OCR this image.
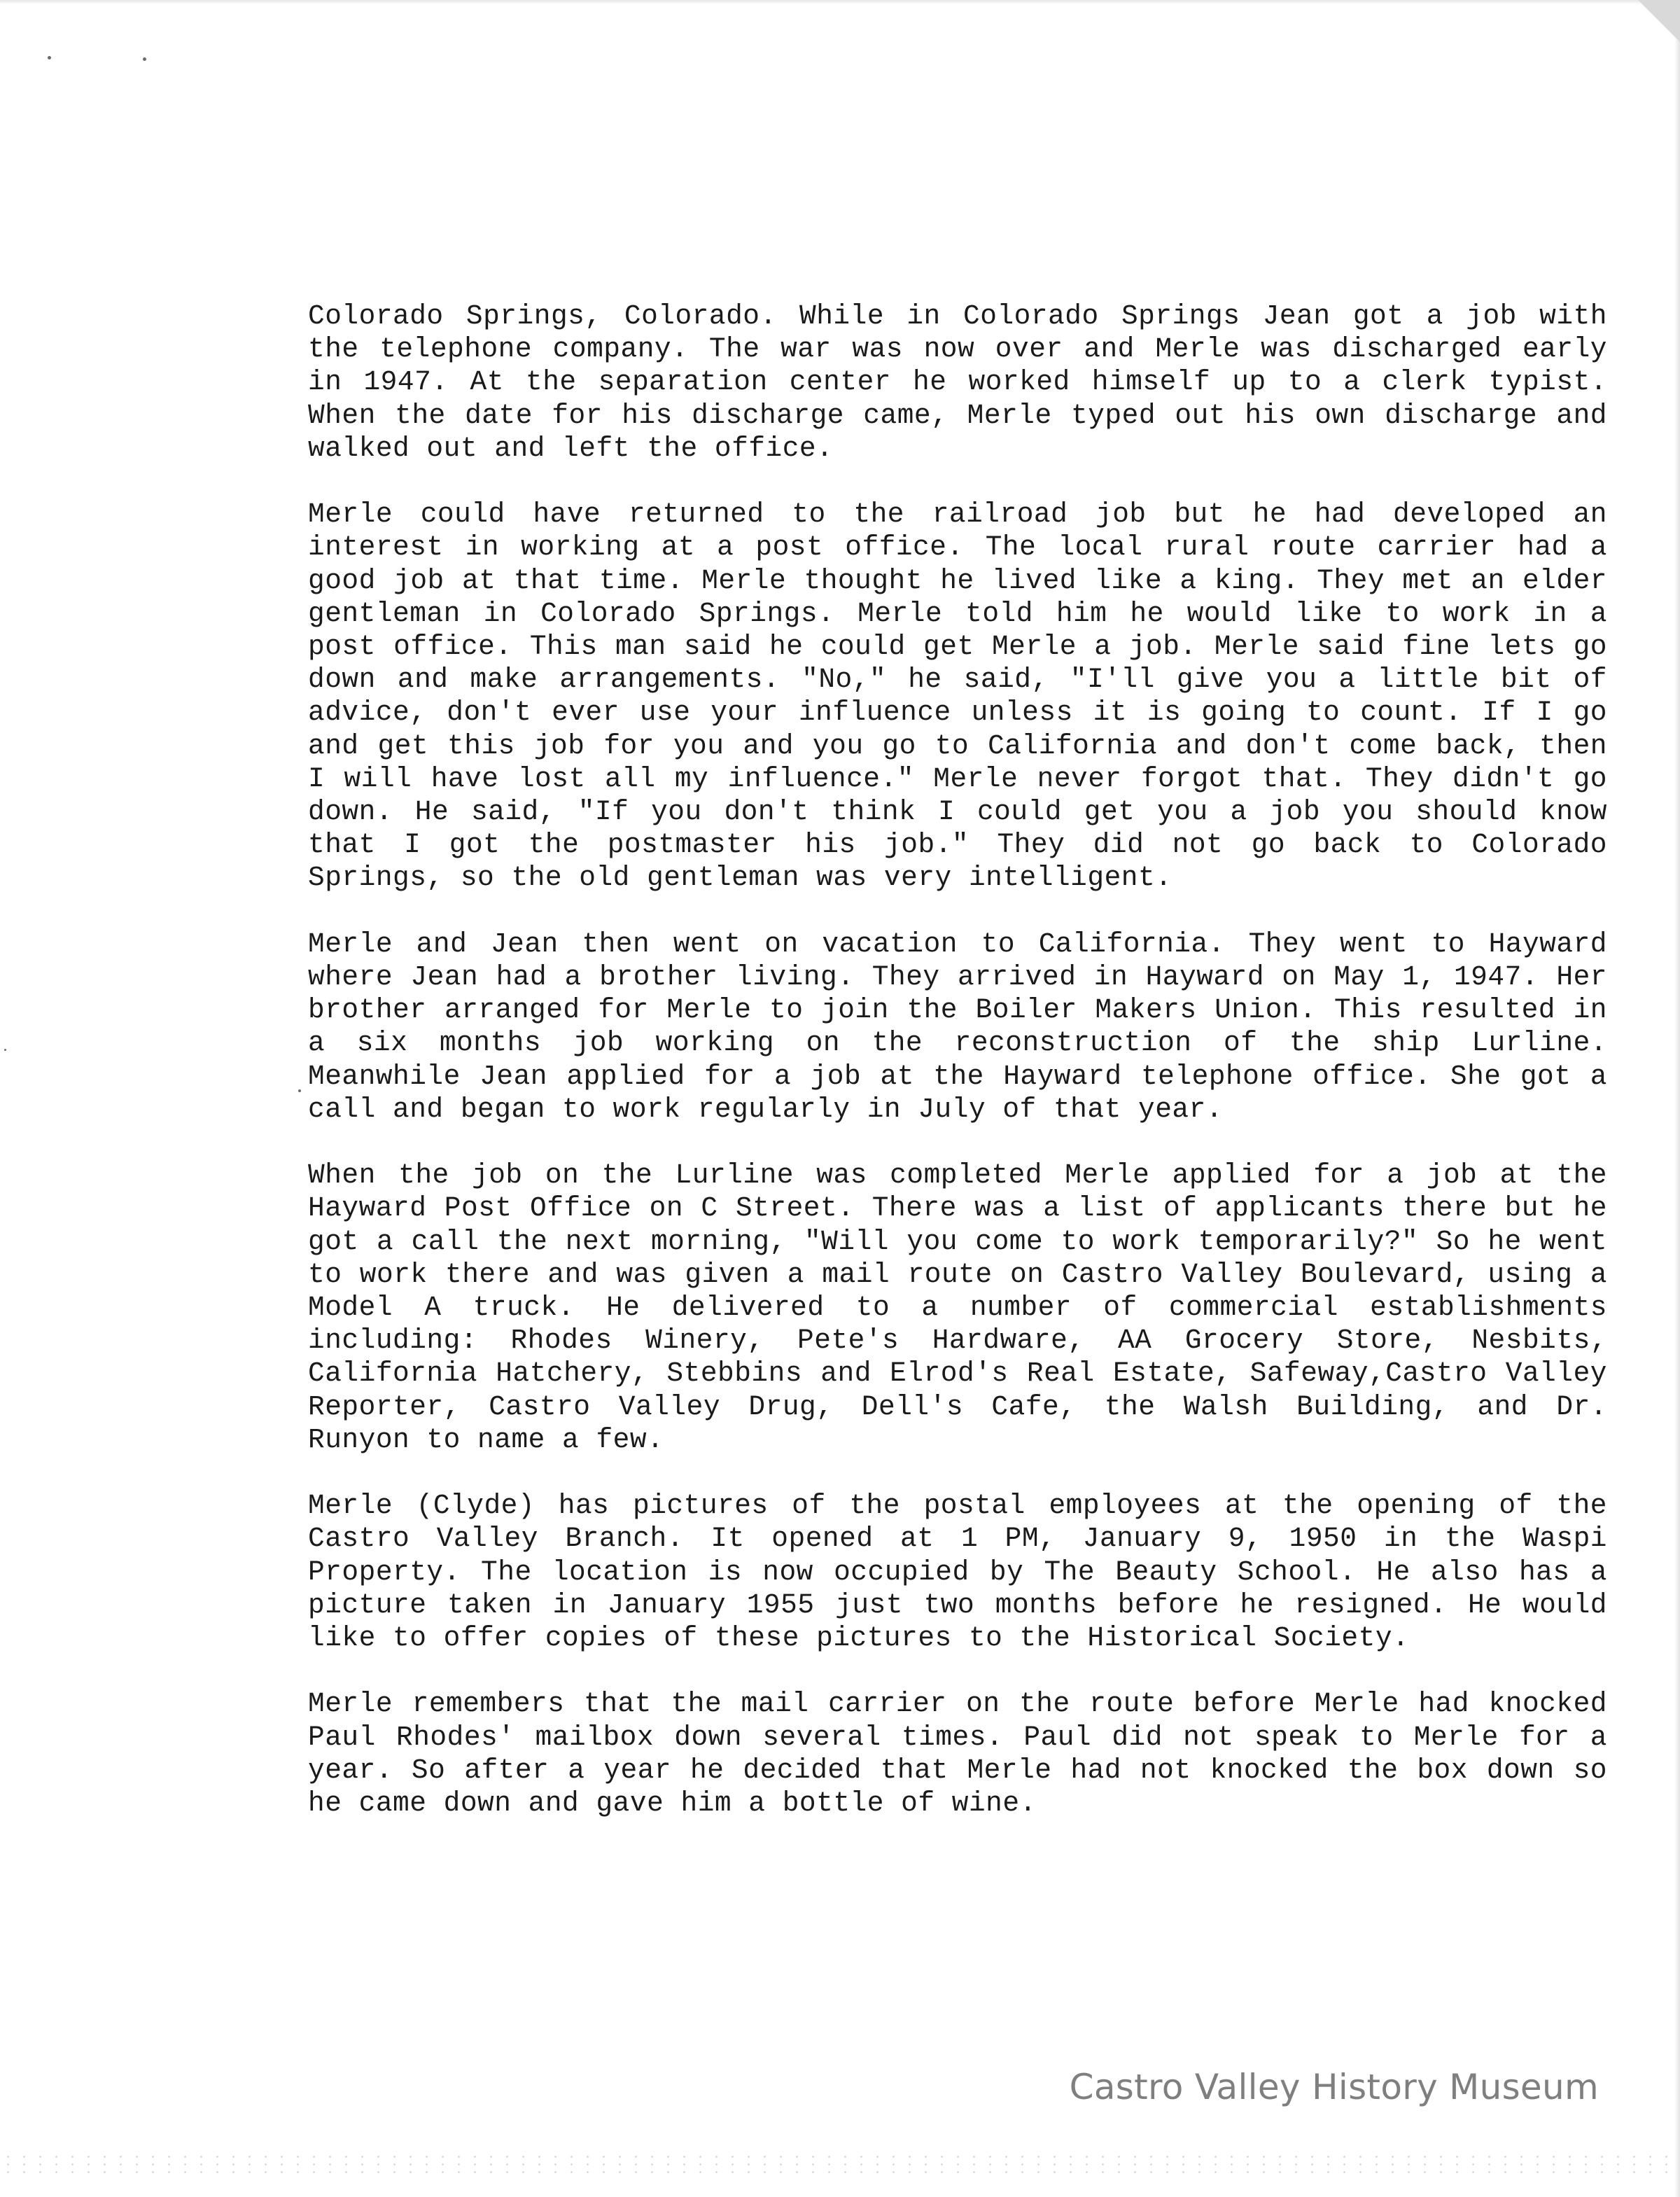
Colorado Springs, Colorado. While in Colorado Springs Jean got a job with the telephone company. The war was now over and Merle was discharged early in 1947. At the separation center he worked himself up to a clerk typist. When the date for his discharge came, Merle typed out his own discharge and walked out and left the office.

Merle could have returned to the railroad job but he had developed an interest in working at a post office. The local rural route carrier had a good job at that time. Merle thought he lived like a king. They met an elder gentleman in Colorado Springs. Merle told him he would like to work in a post office. This man said he could get Merle a job. Merle said fine lets go down and make arrangements. "No," he said, "I'll give you a little bit of advice, don't ever use your influence unless it is going to count. If I go and get this job for you and you go to California and don't come back, then I will have lost all my influence." Merle never forgot that. They didn't go down. He said, "If you don't think I could get you a job you should know that I got the postmaster his job." They did not go back to Colorado Springs, so the old gentleman was very intelligent.

Merle and Jean then went on vacation to California. They went to Hayward where Jean had a brother living. They arrived in Hayward on May 1, 1947. Her brother arranged for Merle to join the Boiler Makers Union. This resulted in a six months job working on the reconstruction of the ship Lurline. Meanwhile Jean applied for a job at the Hayward telephone office. She got a call and began to work regularly in July of that year.

When the job on the Lurline was completed Merle applied for a job at the Hayward Post Office on C Street. There was a list of applicants there but he got a call the next morning, "Will you come to work temporarily?" So he went to work there and was given a mail route on Castro Valley Boulevard, using a Model A truck. He delivered to a number of commercial establishments including: Rhodes Winery, Pete's Hardware, AA Grocery Store, Nesbits, California Hatchery, Stebbins and Elrod's Real Estate, Safeway,Castro Valley Reporter, Castro Valley Drug, Dell's Cafe, the Walsh Building, and Dr. Runyon to name a few.

Merle (Clyde) has pictures of the postal employees at the opening of the Castro Valley Branch. It opened at 1 PM, January 9, 1950 in the Waspi Property. The location is now occupied by The Beauty School. He also has a picture taken in January 1955 just two months before he resigned. He would like to offer copies of these pictures to the Historical Society.

Merle remembers that the mail carrier on the route before Merle had knocked Paul Rhodes' mailbox down several times. Paul did not speak to Merle for a year. So after a year he decided that Merle had not knocked the box down so he came down and gave him a bottle of wine.

Castro Valley History Museum
